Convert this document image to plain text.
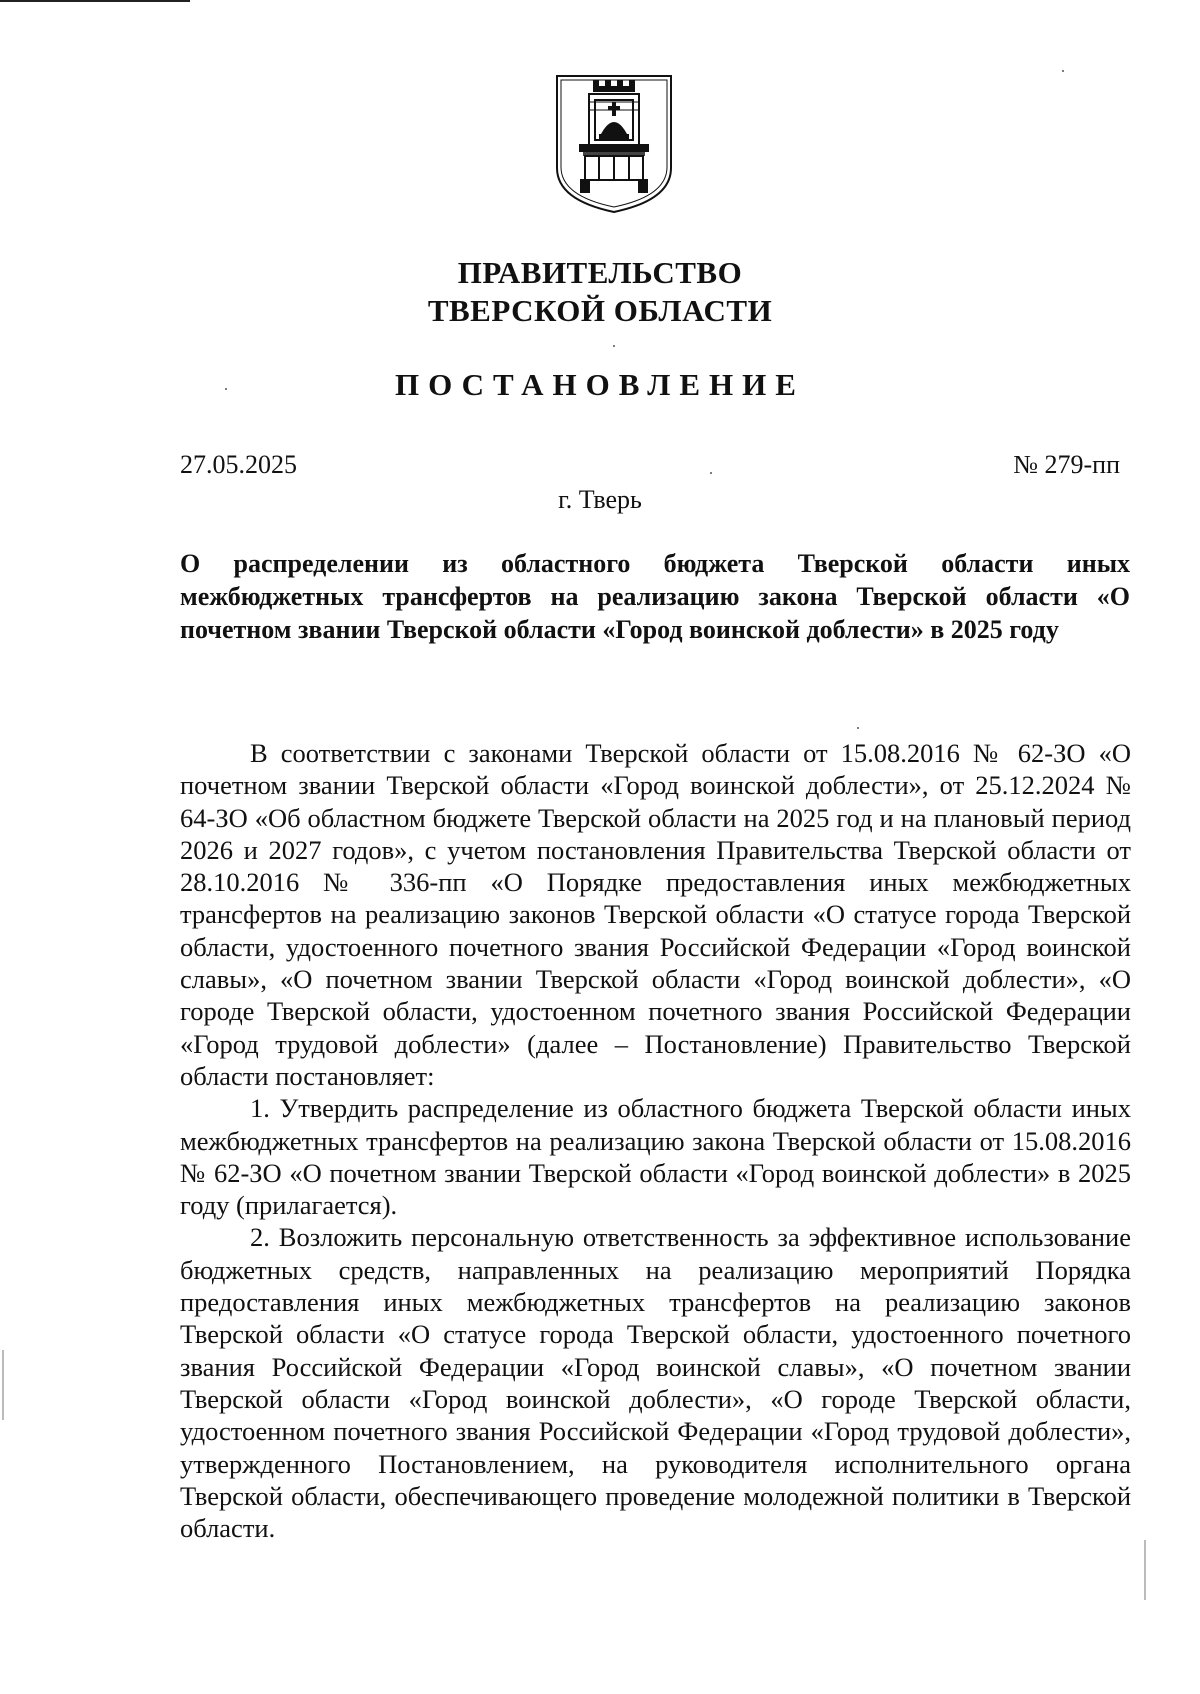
ПРАВИТЕЛЬСТВО
ТВЕРСКОЙ ОБЛАСТИ
ПОСТАНОВЛЕНИЕ
27.05.2025	№ 279-пп
г. Тверь
О распределении из областного бюджета Тверской области иных межбюджетных трансфертов на реализацию закона Тверской области «О почетном звании Тверской области «Город воинской доблести» в 2025 году

В соответствии с законами Тверской области от 15.08.2016 № 62-ЗО «О почетном звании Тверской области «Город воинской доблести», от 25.12.2024 № 64-ЗО «Об областном бюджете Тверской области на 2025 год и на плановый период 2026 и 2027 годов», с учетом постановления Правительства Тверской области от 28.10.2016 № 336-пп «О Порядке предоставления иных межбюджетных трансфертов на реализацию законов Тверской области «О статусе города Тверской области, удостоенного почетного звания Российской Федерации «Город воинской славы», «О почетном звании Тверской области «Город воинской доблести», «О городе Тверской области, удостоенном почетного звания Российской Федерации «Город трудовой доблести» (далее – Постановление) Правительство Тверской области постановляет:

1. Утвердить распределение из областного бюджета Тверской области иных межбюджетных трансфертов на реализацию закона Тверской области от 15.08.2016 № 62-ЗО «О почетном звании Тверской области «Город воинской доблести» в 2025 году (прилагается).

2. Возложить персональную ответственность за эффективное использование бюджетных средств, направленных на реализацию мероприятий Порядка предоставления иных межбюджетных трансфертов на реализацию законов Тверской области «О статусе города Тверской области, удостоенного почетного звания Российской Федерации «Город воинской славы», «О почетном звании Тверской области «Город воинской доблести», «О городе Тверской области, удостоенном почетного звания Российской Федерации «Город трудовой доблести», утвержденного Постановлением, на руководителя исполнительного органа Тверской области, обеспечивающего проведение молодежной политики в Тверской области.
